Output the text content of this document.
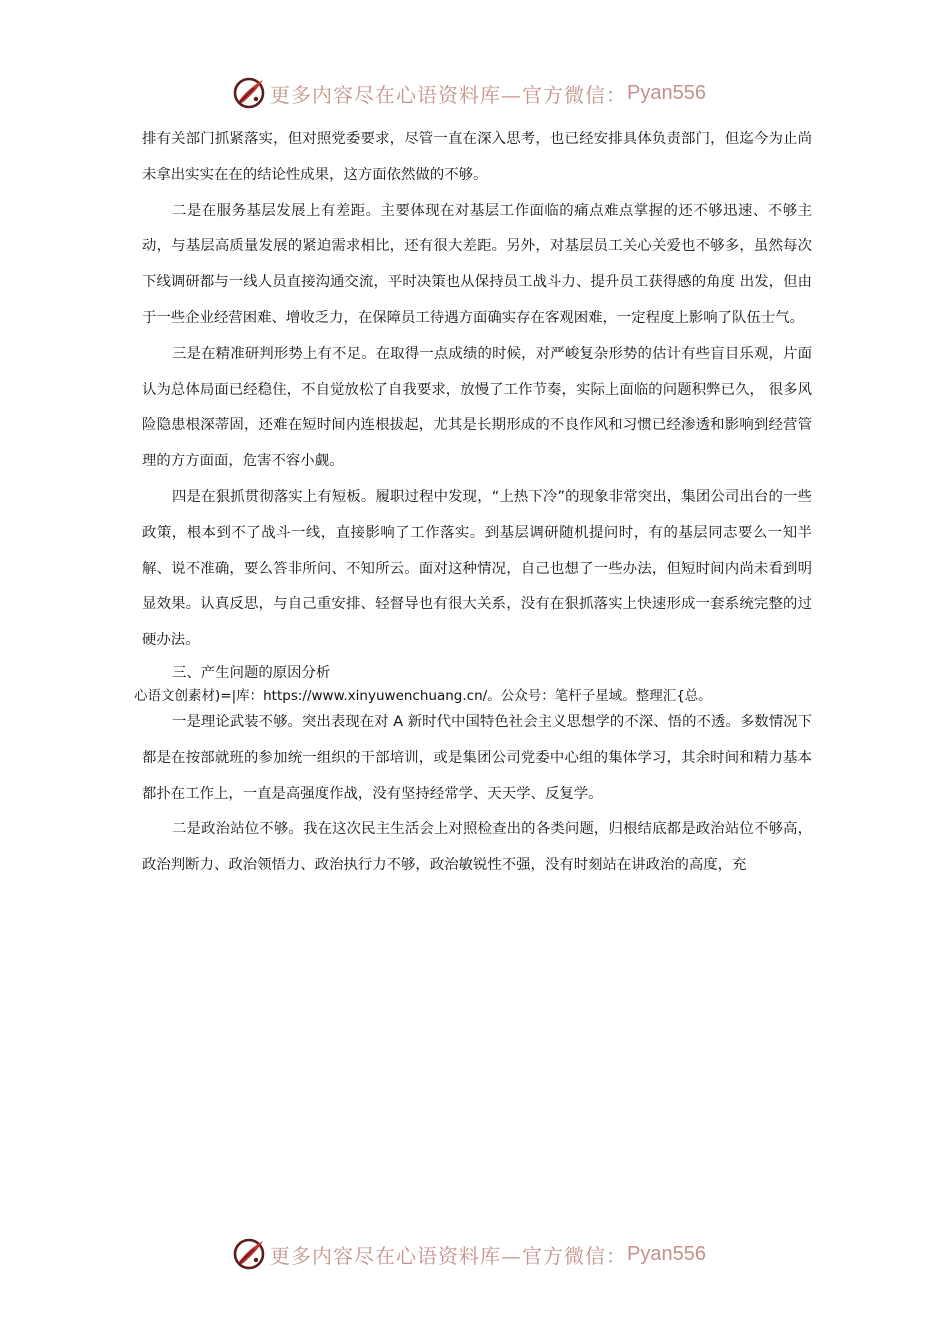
更多内容尽在心语资料库—官方微信： Pyan556

排有关部门抓紧落实，但对照党委要求，尽管一直在深入思考，也已经安排具体负责部门，但迄今为止尚未拿出实实在在的结论性成果，这方面依然做的不够。

二是在服务基层发展上有差距。主要体现在对基层工作面临的痛点难点掌握的还不够迅速、不够主动，与基层高质量发展的紧迫需求相比，还有很大差距。另外，对基层员工关心关爱也不够多，虽然每次下线调研都与一线人员直接沟通交流，平时决策也从保持员工战斗力、提升员工获得感的角度 出发，但由于一些企业经营困难、增收乏力，在保障员工待遇方面确实存在客观困难，一定程度上影响了队伍士气。

三是在精准研判形势上有不足。在取得一点成绩的时候，对严峻复杂形势的估计有些盲目乐观，片面认为总体局面已经稳住，不自觉放松了自我要求，放慢了工作节奏，实际上面临的问题积弊已久， 很多风险隐患根深蒂固，还难在短时间内连根拔起，尤其是长期形成的不良作风和习惯已经渗透和影响到经营管理的方方面面，危害不容小觑。

四是在狠抓贯彻落实上有短板。履职过程中发现，“上热下冷”的现象非常突出，集团公司出台的一些政策，根本到不了战斗一线，直接影响了工作落实。到基层调研随机提问时，有的基层同志要么一知半解、说不准确，要么答非所问、不知所云。面对这种情况，自己也想了一些办法，但短时间内尚未看到明显效果。认真反思，与自己重安排、轻督导也有很大关系，没有在狠抓落实上快速形成一套系统完整的过硬办法。

三、产生问题的原因分析

心语文创素材)=|库：https://www.xinyuwenchuang.cn/。公众号：笔杆子星域。整理汇{总。

一是理论武装不够。突出表现在对 A 新时代中国特色社会主义思想学的不深、悟的不透。多数情况下都是在按部就班的参加统一组织的干部培训，或是集团公司党委中心组的集体学习，其余时间和精力基本都扑在工作上，一直是高强度作战，没有坚持经常学、天天学、反复学。

二是政治站位不够。我在这次民主生活会上对照检查出的各类问题，归根结底都是政治站位不够高，政治判断力、政治领悟力、政治执行力不够，政治敏锐性不强，没有时刻站在讲政治的高度，充

更多内容尽在心语资料库—官方微信： Pyan556
